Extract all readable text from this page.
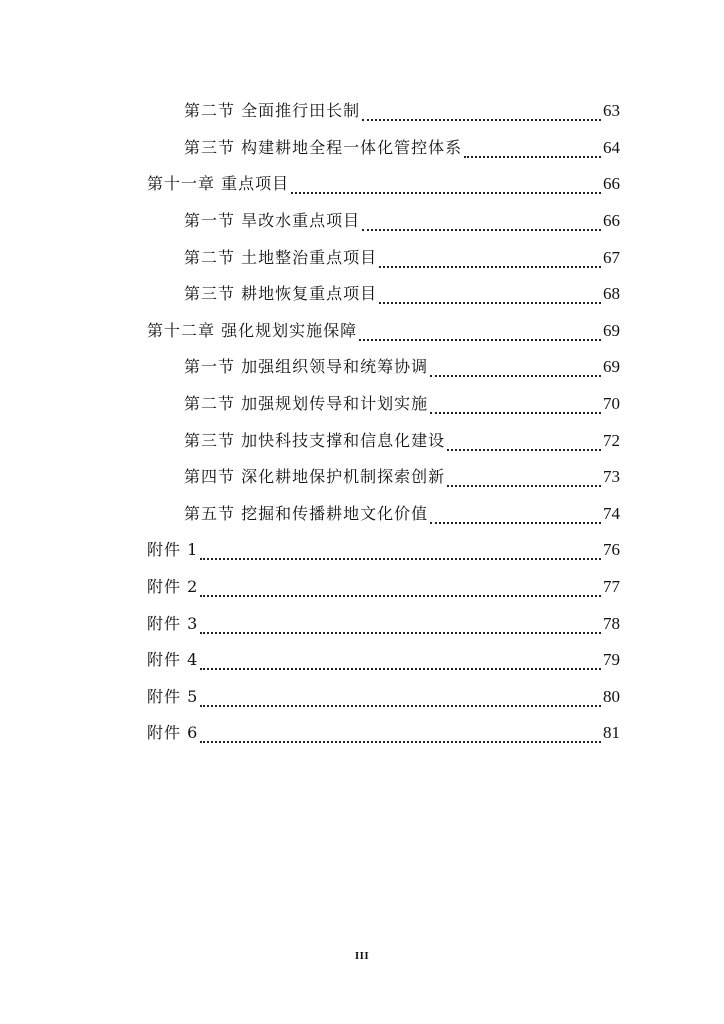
第二节 全面推行田长制	63
第三节 构建耕地全程一体化管控体系	64
第十一章 重点项目	66
第一节 旱改水重点项目	66
第二节 土地整治重点项目	67
第三节 耕地恢复重点项目	68
第十二章 强化规划实施保障	69
第一节 加强组织领导和统筹协调	69
第二节 加强规划传导和计划实施	70
第三节 加快科技支撑和信息化建设	72
第四节 深化耕地保护机制探索创新	73
第五节 挖掘和传播耕地文化价值	74
附件 1	76
附件 2	77
附件 3	78
附件 4	79
附件 5	80
附件 6	81
III
